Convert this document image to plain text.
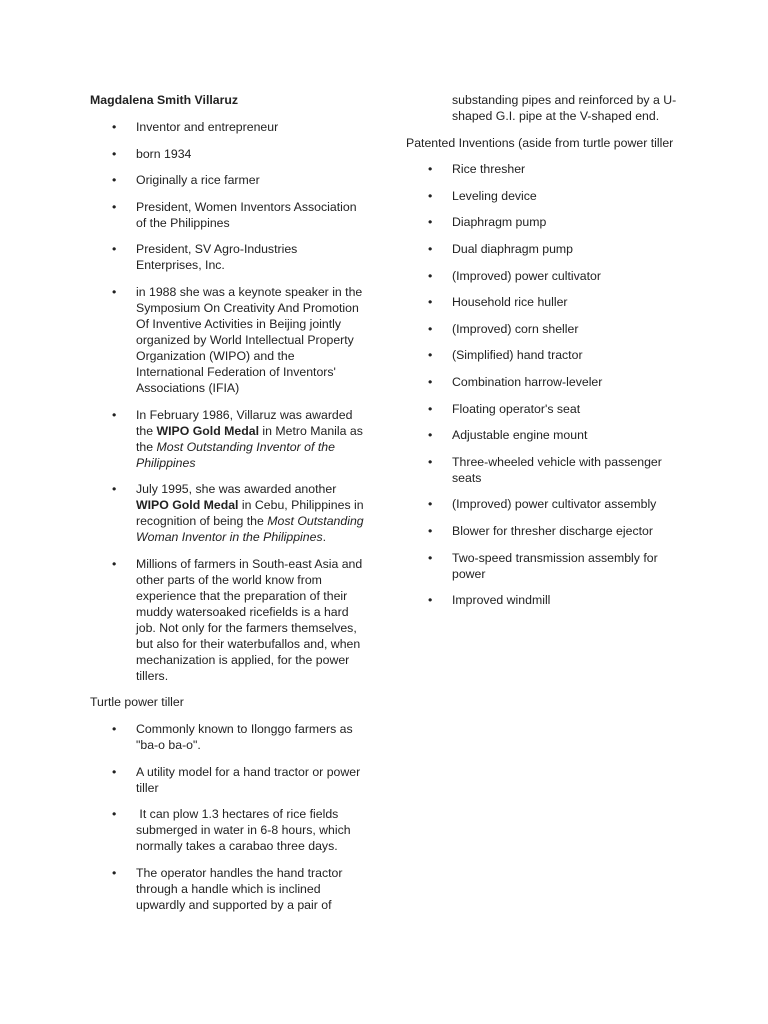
Magdalena Smith Villaruz
• Inventor and entrepreneur
• born 1934
• Originally a rice farmer
• President, Women Inventors Association of the Philippines
• President, SV Agro-Industries Enterprises, Inc.
• in 1988 she was a keynote speaker in the Symposium On Creativity And Promotion Of Inventive Activities in Beijing jointly organized by World Intellectual Property Organization (WIPO) and the International Federation of Inventors' Associations (IFIA)
• In February 1986, Villaruz was awarded the WIPO Gold Medal in Metro Manila as the Most Outstanding Inventor of the Philippines
• July 1995, she was awarded another WIPO Gold Medal in Cebu, Philippines in recognition of being the Most Outstanding Woman Inventor in the Philippines.
• Millions of farmers in South-east Asia and other parts of the world know from experience that the preparation of their muddy watersoaked ricefields is a hard job. Not only for the farmers themselves, but also for their waterbufallos and, when mechanization is applied, for the power tillers.
Turtle power tiller
• Commonly known to Ilonggo farmers as "ba-o ba-o".
• A utility model for a hand tractor or power tiller
• It can plow 1.3 hectares of rice fields submerged in water in 6-8 hours, which normally takes a carabao three days.
• The operator handles the hand tractor through a handle which is inclined upwardly and supported by a pair of
substanding pipes and reinforced by a U-shaped G.I. pipe at the V-shaped end.
Patented Inventions (aside from turtle power tiller
• Rice thresher
• Leveling device
• Diaphragm pump
• Dual diaphragm pump
• (Improved) power cultivator
• Household rice huller
• (Improved) corn sheller
• (Simplified) hand tractor
• Combination harrow-leveler
• Floating operator's seat
• Adjustable engine mount
• Three-wheeled vehicle with passenger seats
• (Improved) power cultivator assembly
• Blower for thresher discharge ejector
• Two-speed transmission assembly for power
• Improved windmill
